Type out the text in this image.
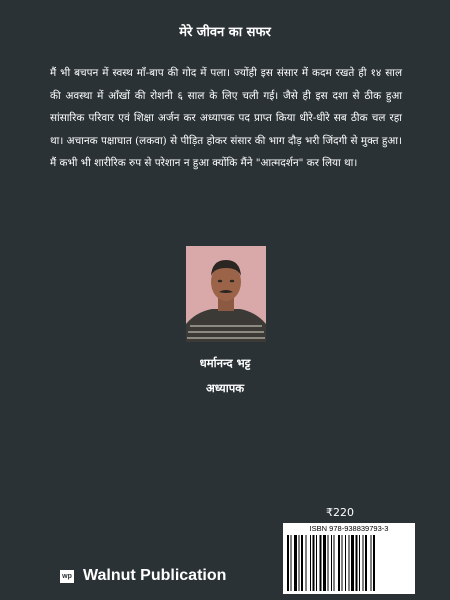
मेरे जीवन का सफर
मैं भी बचपन में स्वस्थ माँ-बाप की गोद में पला। ज्योंही इस संसार में कदम रखते ही १४ साल की अवस्था में आँखों की रोशनी ६ साल के लिए चली गई। जैसे ही इस दशा से ठीक हुआ सांसारिक परिवार एवं शिक्षा अर्जन कर अध्यापक पद प्राप्त किया धीरे-धीरे सब ठीक चल रहा था। अचानक पक्षाघात (लकवा) से पीड़ित होकर संसार की भाग दौड़ भरी जिंदगी से मुक्त हुआ। मैं कभी भी शारीरिक रुप से परेशान न हुआ क्योंकि मैंने "आत्मदर्शन" कर लिया था।
धर्मानन्द भट्ट
अध्यापक
₹220
ISBN 978-938839793-3
wp Walnut Publication
